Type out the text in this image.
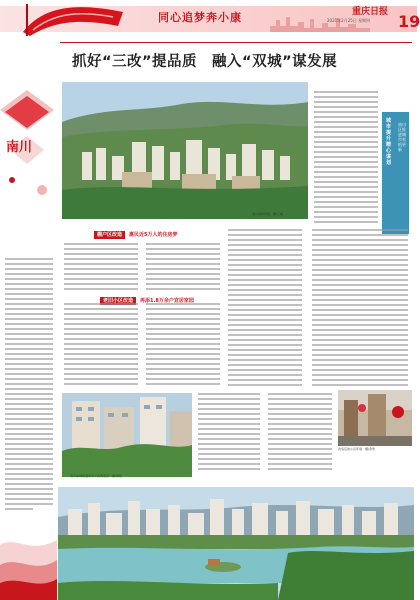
同心追梦奔小康	重庆日报
2021年2月25日 星期四	19
南川
抓好“三改”提品质　融入“双城”谋发展
南川城市风貌　摄/王峰
城市提升精心谋划
南川区推进城市有机更新
棚户区改造 惠民近5万人的住房梦
老旧小区改造 再添1.8万余户宜居家园
南川东城街道老旧小区改造后　摄/曾琼
改造后的小区环境　摄/余雪
